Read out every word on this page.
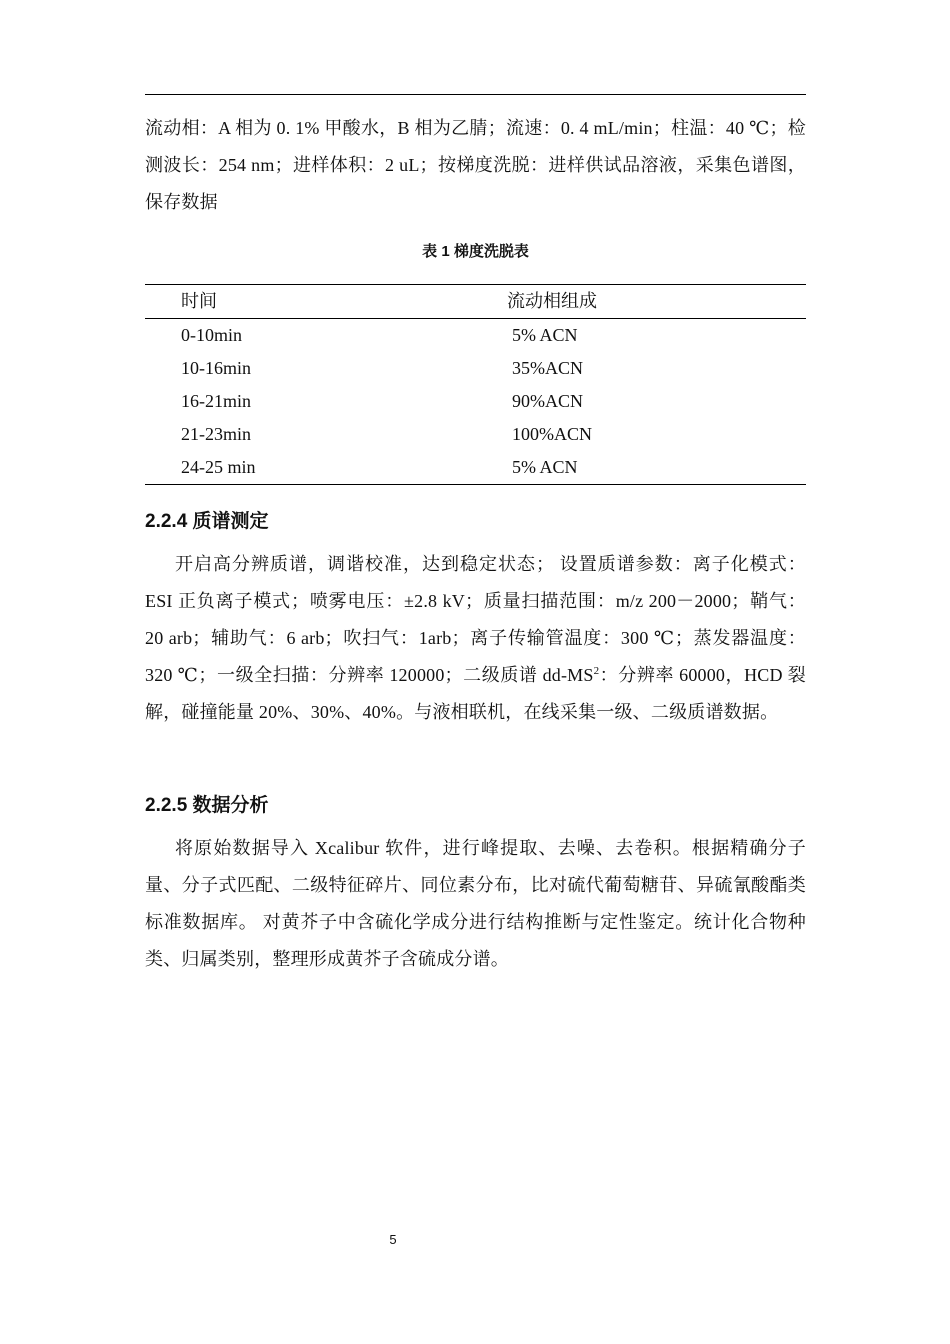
流动相：A 相为 0. 1% 甲酸水，B 相为乙腈；流速：0. 4 mL/min；柱温：40 ℃；检测波长：254 nm；进样体积：2 uL；按梯度洗脱：进样供试品溶液，采集色谱图，保存数据
表 1 梯度洗脱表
时间	流动相组成
0-10min	5% ACN
10-16min	35%ACN
16-21min	90%ACN
21-23min	100%ACN
24-25 min	5% ACN
2.2.4 质谱测定
开启高分辨质谱，调谐校准，达到稳定状态； 设置质谱参数：离子化模式：ESI 正负离子模式；喷雾电压：±2.8 kV；质量扫描范围：m/z 200－2000；鞘气：20 arb；辅助气：6 arb；吹扫气：1arb；离子传输管温度：300 ℃；蒸发器温度：320 ℃；一级全扫描：分辨率 120000；二级质谱 $dd-MS^2$：分辨率 60000，HCD 裂解，碰撞能量 20%、30%、40%。与液相联机，在线采集一级、二级质谱数据。
2.2.5 数据分析
将原始数据导入 Xcalibur 软件，进行峰提取、去噪、去卷积。根据精确分子量、分子式匹配、二级特征碎片、同位素分布，比对硫代葡萄糖苷、异硫氰酸酯类标准数据库。 对黄芥子中含硫化学成分进行结构推断与定性鉴定。统计化合物种类、归属类别，整理形成黄芥子含硫成分谱。
5
